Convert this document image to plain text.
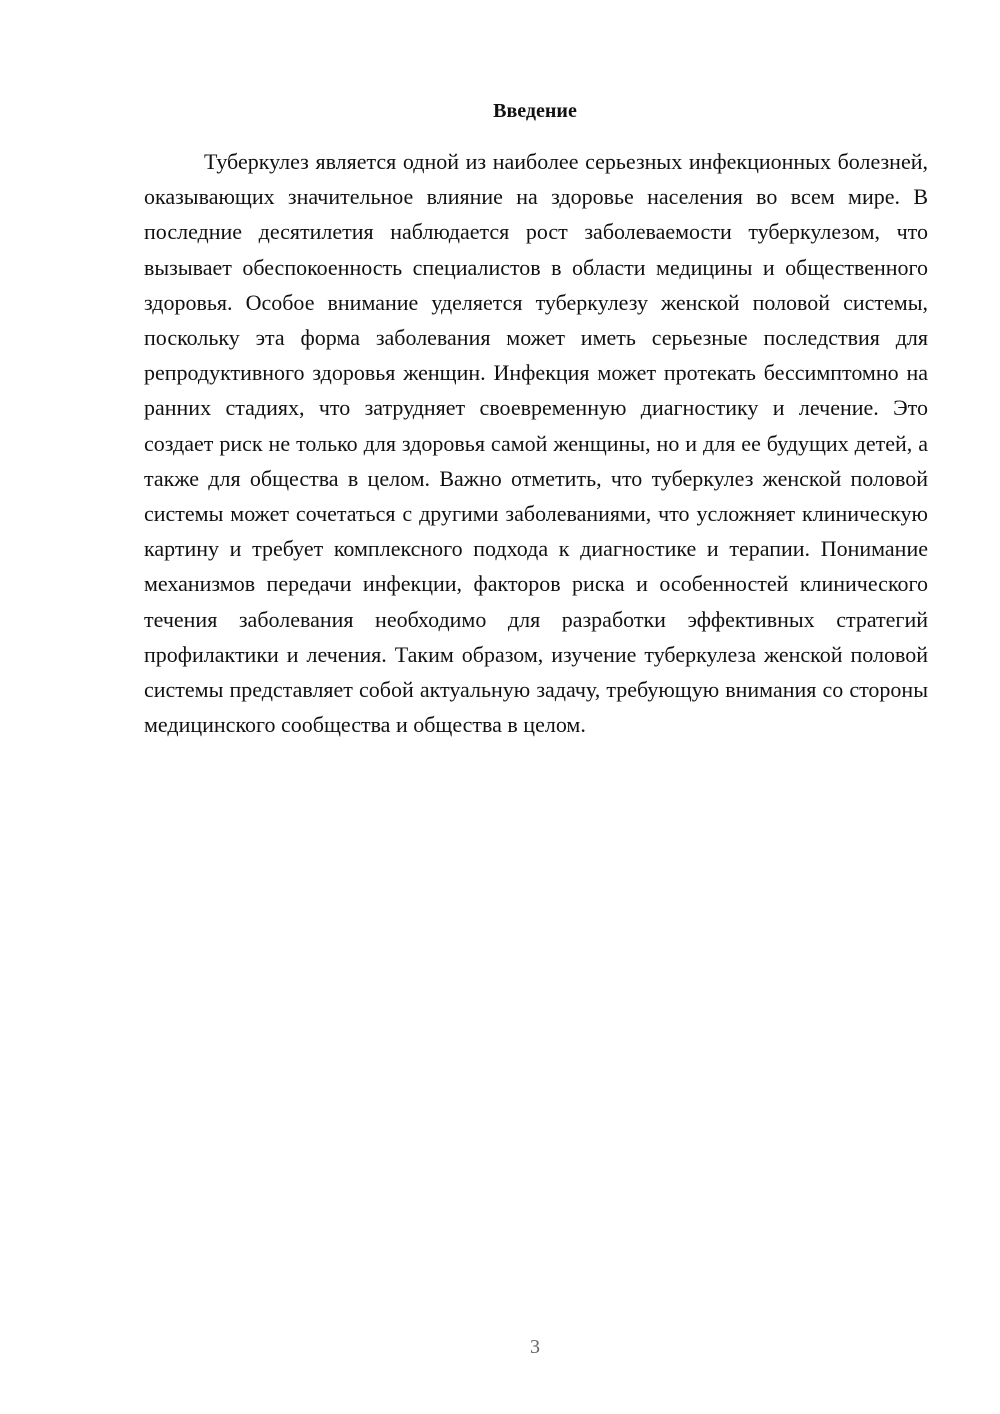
Введение

Туберкулез является одной из наиболее серьезных инфекционных болезней, оказывающих значительное влияние на здоровье населения во всем мире. В последние десятилетия наблюдается рост заболеваемости туберкулезом, что вызывает обеспокоенность специалистов в области медицины и общественного здоровья. Особое внимание уделяется туберкулезу женской половой системы, поскольку эта форма заболевания может иметь серьезные последствия для репродуктивного здоровья женщин. Инфекция может протекать бессимптомно на ранних стадиях, что затрудняет своевременную диагностику и лечение. Это создает риск не только для здоровья самой женщины, но и для ее будущих детей, а также для общества в целом. Важно отметить, что туберкулез женской половой системы может сочетаться с другими заболеваниями, что усложняет клиническую картину и требует комплексного подхода к диагностике и терапии. Понимание механизмов передачи инфекции, факторов риска и особенностей клинического течения заболевания необходимо для разработки эффективных стратегий профилактики и лечения. Таким образом, изучение туберкулеза женской половой системы представляет собой актуальную задачу, требующую внимания со стороны медицинского сообщества и общества в целом.

3
